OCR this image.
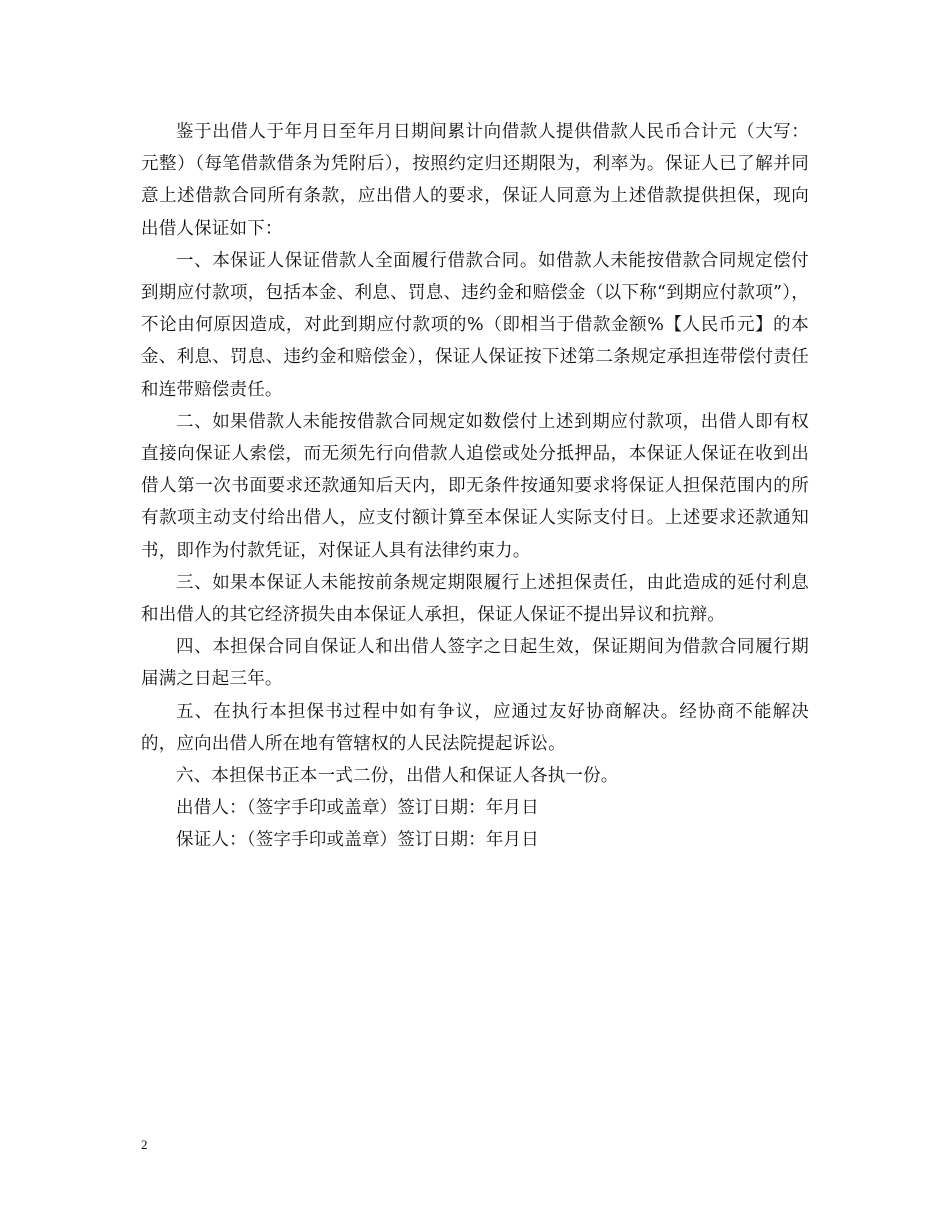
鉴于出借人于年月日至年月日期间累计向借款人提供借款人民币合计元（大写：元整）（每笔借款借条为凭附后），按照约定归还期限为，利率为。保证人已了解并同意上述借款合同所有条款，应出借人的要求，保证人同意为上述借款提供担保，现向出借人保证如下：

一、本保证人保证借款人全面履行借款合同。如借款人未能按借款合同规定偿付到期应付款项，包括本金、利息、罚息、违约金和赔偿金（以下称“到期应付款项”），不论由何原因造成，对此到期应付款项的%（即相当于借款金额%【人民币元】的本金、利息、罚息、违约金和赔偿金），保证人保证按下述第二条规定承担连带偿付责任和连带赔偿责任。

二、如果借款人未能按借款合同规定如数偿付上述到期应付款项，出借人即有权直接向保证人索偿，而无须先行向借款人追偿或处分抵押品，本保证人保证在收到出借人第一次书面要求还款通知后天内，即无条件按通知要求将保证人担保范围内的所有款项主动支付给出借人，应支付额计算至本保证人实际支付日。上述要求还款通知书，即作为付款凭证，对保证人具有法律约束力。

三、如果本保证人未能按前条规定期限履行上述担保责任，由此造成的延付利息和出借人的其它经济损失由本保证人承担，保证人保证不提出异议和抗辩。

四、本担保合同自保证人和出借人签字之日起生效，保证期间为借款合同履行期届满之日起三年。

五、在执行本担保书过程中如有争议，应通过友好协商解决。经协商不能解决的，应向出借人所在地有管辖权的人民法院提起诉讼。

六、本担保书正本一式二份，出借人和保证人各执一份。

出借人：（签字手印或盖章）签订日期：年月日

保证人：（签字手印或盖章）签订日期：年月日

2
